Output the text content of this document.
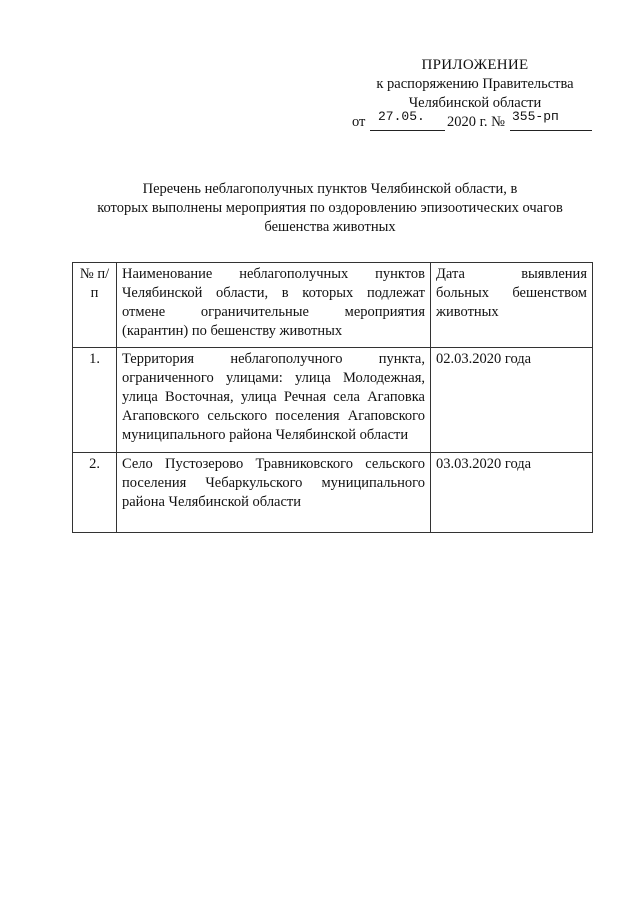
ПРИЛОЖЕНИЕ
к распоряжению Правительства
Челябинской области
от 27.05. 2020 г. № 355-рп
Перечень неблагополучных пунктов Челябинской области, в
которых выполнены мероприятия по оздоровлению эпизоотических очагов
бешенства животных
№ п/п	Наименование неблагополучных пунктов Челябинской области, в которых подлежат отмене ограничительные мероприятия (карантин) по бешенству животных	Дата выявления больных бешенством животных
1.	Территория неблагополучного пункта, ограниченного улицами: улица Молодежная, улица Восточная, улица Речная села Агаповка Агаповского сельского поселения Агаповского муниципального района Челябинской области	02.03.2020 года
2.	Село Пустозерово Травниковского сельского поселения Чебаркульского муниципального района Челябинской области	03.03.2020 года
